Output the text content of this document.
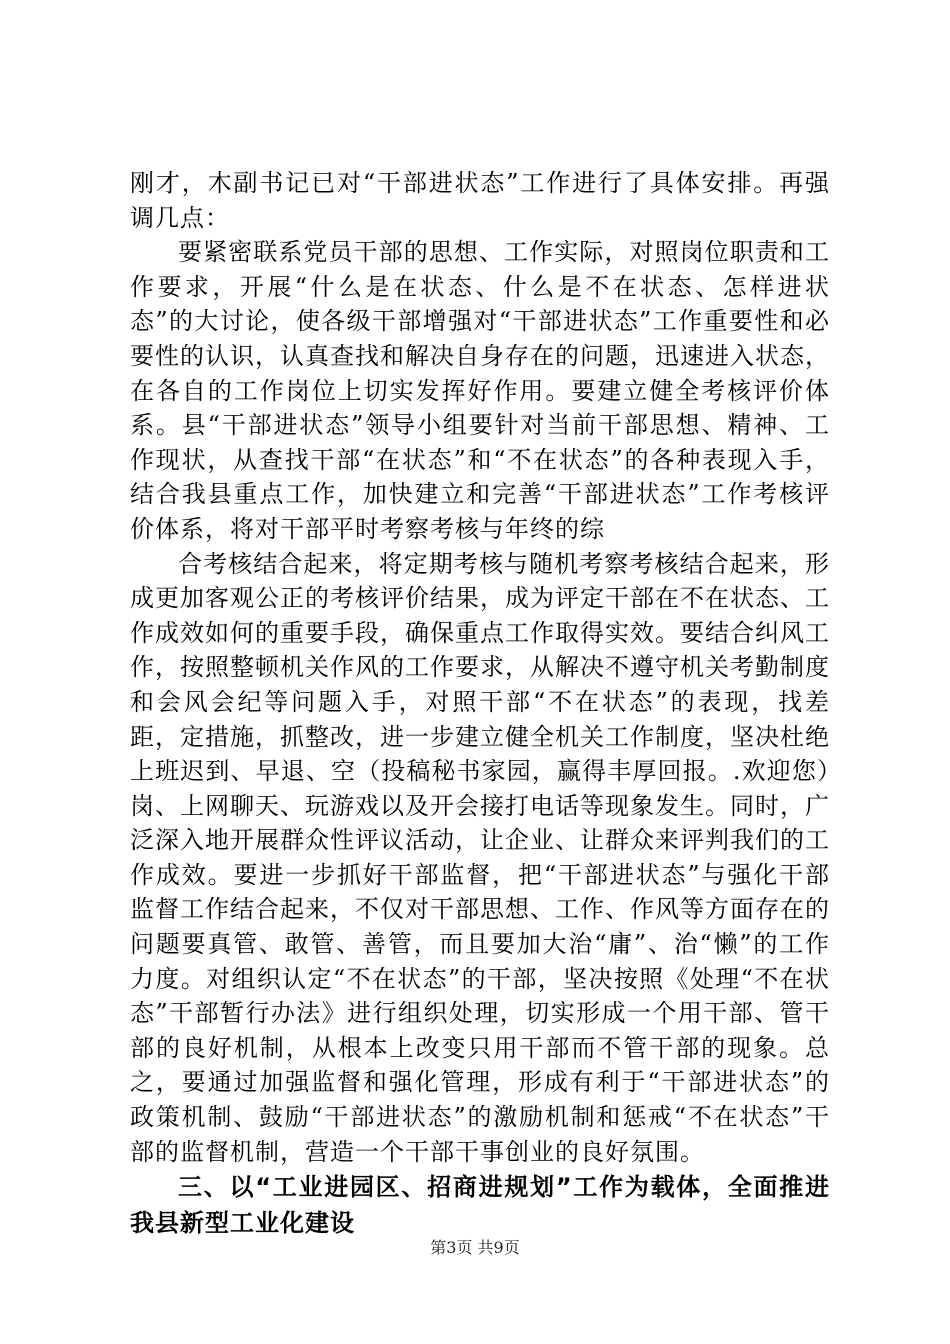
刚才，木副书记已对“干部进状态”工作进行了具体安排。再强调几点：

要紧密联系党员干部的思想、工作实际，对照岗位职责和工作要求，开展“什么是在状态、什么是不在状态、怎样进状态”的大讨论，使各级干部增强对“干部进状态”工作重要性和必要性的认识，认真查找和解决自身存在的问题，迅速进入状态，在各自的工作岗位上切实发挥好作用。要建立健全考核评价体系。县“干部进状态”领导小组要针对当前干部思想、精神、工作现状，从查找干部“在状态”和“不在状态”的各种表现入手，结合我县重点工作，加快建立和完善“干部进状态”工作考核评价体系，将对干部平时考察考核与年终的综

合考核结合起来，将定期考核与随机考察考核结合起来，形成更加客观公正的考核评价结果，成为评定干部在不在状态、工作成效如何的重要手段，确保重点工作取得实效。要结合纠风工作，按照整顿机关作风的工作要求，从解决不遵守机关考勤制度和会风会纪等问题入手，对照干部“不在状态”的表现，找差距，定措施，抓整改，进一步建立健全机关工作制度，坚决杜绝上班迟到、早退、空（投稿秘书家园，赢得丰厚回报。.欢迎您）岗、上网聊天、玩游戏以及开会接打电话等现象发生。同时，广泛深入地开展群众性评议活动，让企业、让群众来评判我们的工作成效。要进一步抓好干部监督，把“干部进状态”与强化干部监督工作结合起来，不仅对干部思想、工作、作风等方面存在的问题要真管、敢管、善管，而且要加大治“庸”、治“懒”的工作力度。对组织认定“不在状态”的干部，坚决按照《处理“不在状态”干部暂行办法》进行组织处理，切实形成一个用干部、管干部的良好机制，从根本上改变只用干部而不管干部的现象。总之，要通过加强监督和强化管理，形成有利于“干部进状态”的政策机制、鼓励“干部进状态”的激励机制和惩戒“不在状态”干部的监督机制，营造一个干部干事创业的良好氛围。

三、以“工业进园区、招商进规划”工作为载体，全面推进我县新型工业化建设

第3页 共9页
